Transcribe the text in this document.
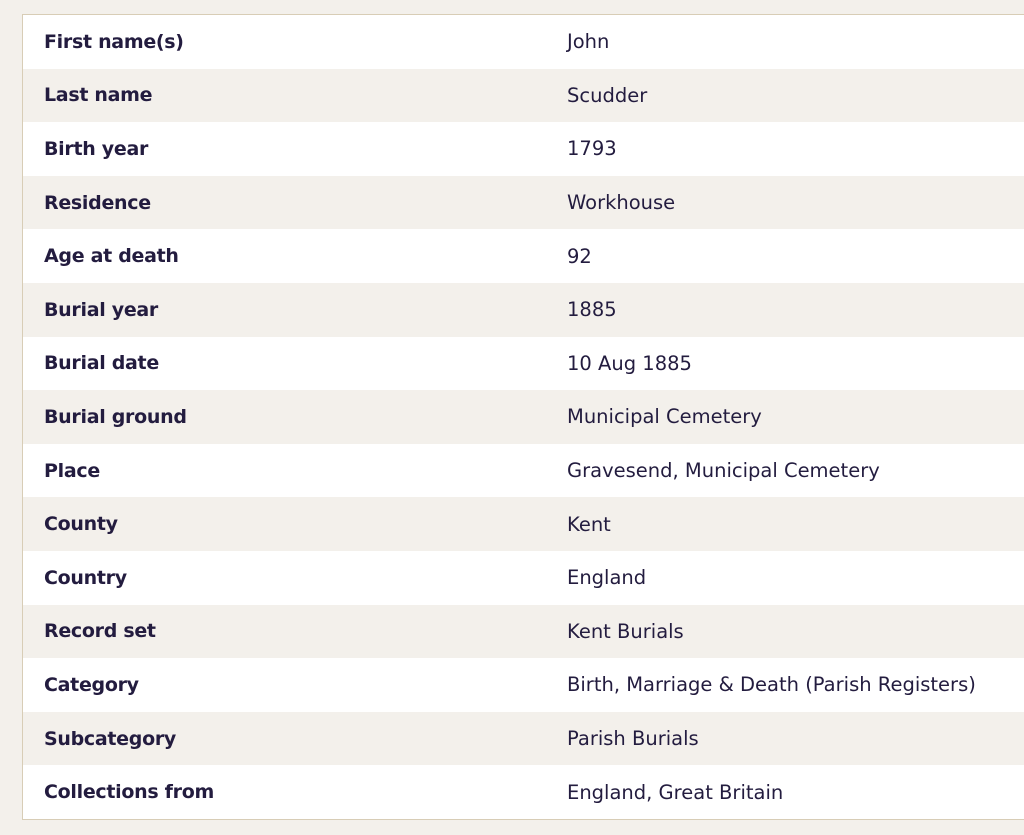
First name(s)	John
Last name	Scudder
Birth year	1793
Residence	Workhouse
Age at death	92
Burial year	1885
Burial date	10 Aug 1885
Burial ground	Municipal Cemetery
Place	Gravesend, Municipal Cemetery
County	Kent
Country	England
Record set	Kent Burials
Category	Birth, Marriage & Death (Parish Registers)
Subcategory	Parish Burials
Collections from	England, Great Britain
